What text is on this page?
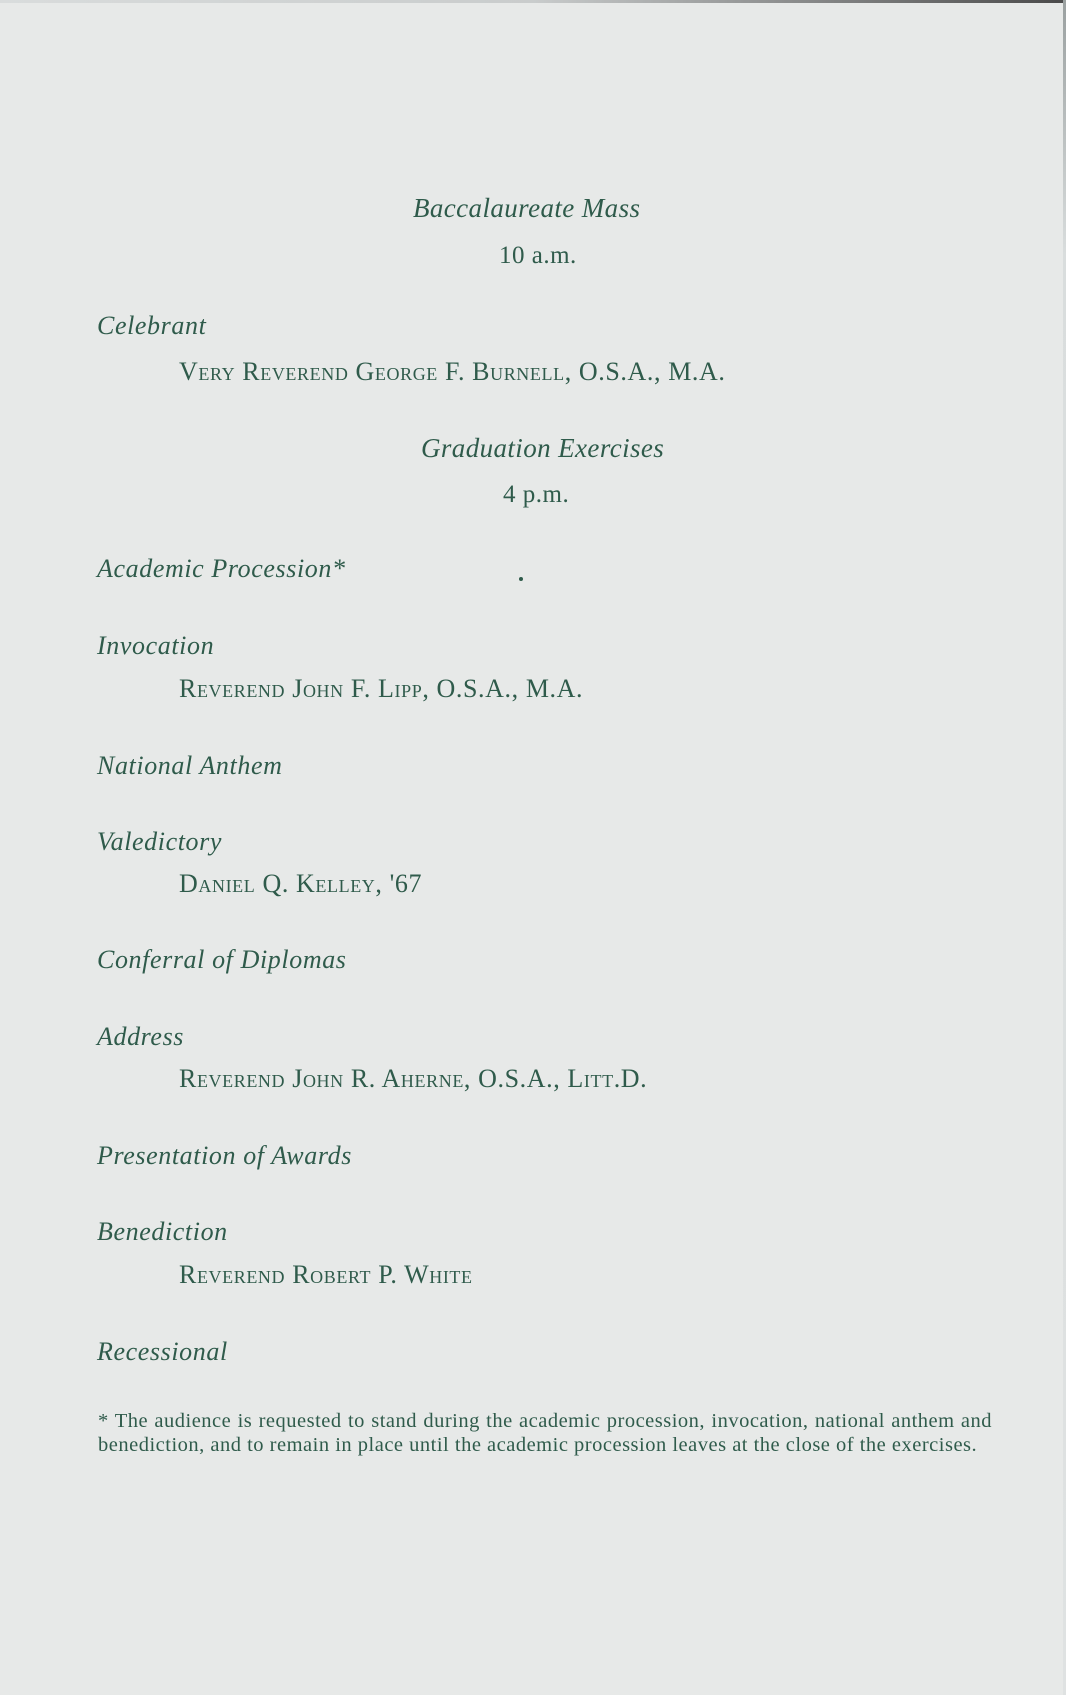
Baccalaureate Mass
10 a.m.
Celebrant
Very Reverend George F. Burnell, O.S.A., M.A.
Graduation Exercises
4 p.m.
Academic Procession*
Invocation
Reverend John F. Lipp, O.S.A., M.A.
National Anthem
Valedictory
Daniel Q. Kelley, '67
Conferral of Diplomas
Address
Reverend John R. Aherne, O.S.A., Litt.D.
Presentation of Awards
Benediction
Reverend Robert P. White
Recessional
* The audience is requested to stand during the academic procession, invocation, national anthem and benediction, and to remain in place until the academic procession leaves at the close of the exercises.
